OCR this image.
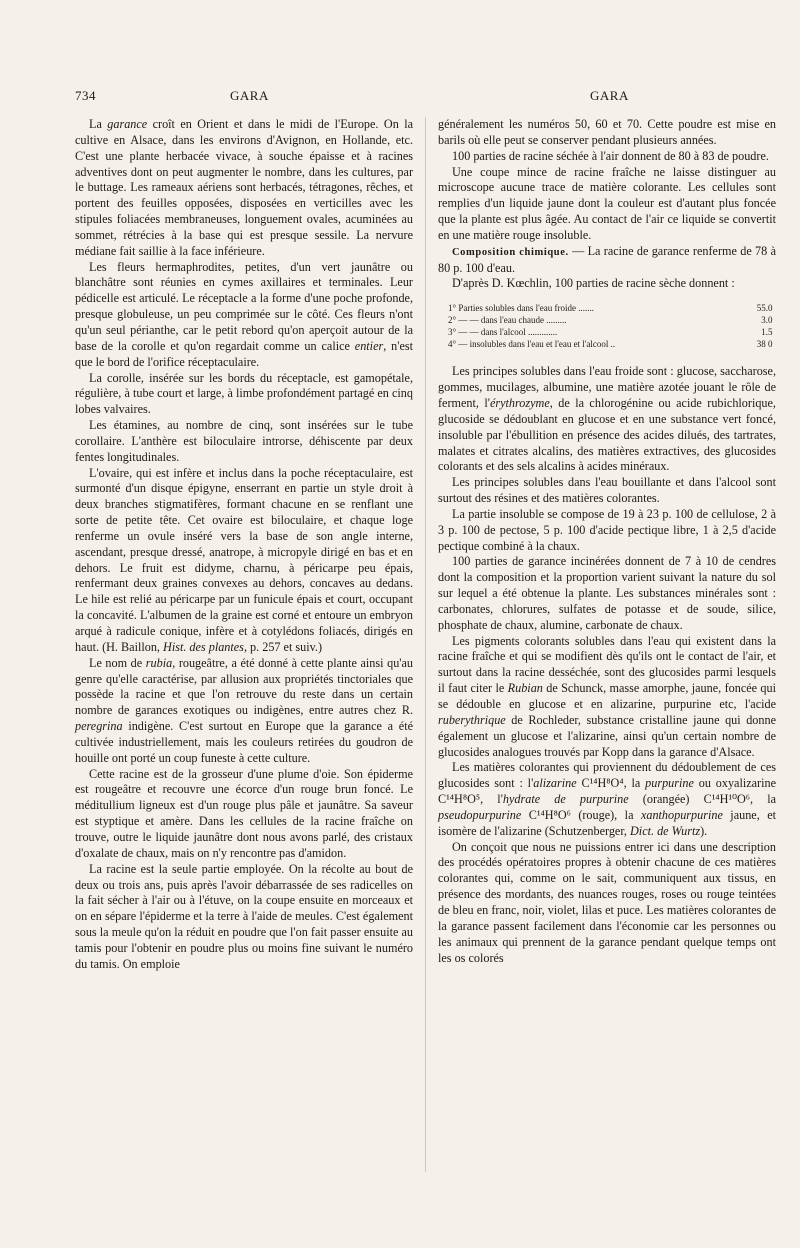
734	GARA	GARA

La garance croît en Orient et dans le midi de l'Europe. On la cultive en Alsace, dans les environs d'Avignon, en Hollande, etc. C'est une plante herbacée vivace, à souche épaisse et à racines adventives dont on peut augmenter le nombre, dans les cultures, par le buttage. Les rameaux aériens sont herbacés, tétragones, rêches, et portent des feuilles opposées, disposées en verticilles avec les stipules foliacées membraneuses, longuement ovales, acuminées au sommet, rétrécies à la base qui est presque sessile. La nervure médiane fait saillie à la face inférieure.

Les fleurs hermaphrodites, petites, d'un vert jaunâtre ou blanchâtre sont réunies en cymes axillaires et terminales. Leur pédicelle est articulé. Le réceptacle a la forme d'une poche profonde, presque globuleuse, un peu comprimée sur le côté. Ces fleurs n'ont qu'un seul périanthe, car le petit rebord qu'on aperçoit autour de la base de la corolle et qu'on regardait comme un calice entier, n'est que le bord de l'orifice réceptaculaire.

La corolle, insérée sur les bords du réceptacle, est gamopétale, régulière, à tube court et large, à limbe profondément partagé en cinq lobes valvaires.

Les étamines, au nombre de cinq, sont insérées sur le tube corollaire. L'anthère est biloculaire introrse, déhiscente par deux fentes longitudinales.

L'ovaire, qui est infère et inclus dans la poche réceptaculaire, est surmonté d'un disque épigyne, enserrant en partie un style droit à deux branches stigmatifères, formant chacune en se renflant une sorte de petite tête. Cet ovaire est biloculaire, et chaque loge renferme un ovule inséré vers la base de son angle interne, ascendant, presque dressé, anatrope, à micropyle dirigé en bas et en dehors. Le fruit est didyme, charnu, à péricarpe peu épais, renfermant deux graines convexes au dehors, concaves au dedans. Le hile est relié au péricarpe par un funicule épais et court, occupant la concavité. L'albumen de la graine est corné et entoure un embryon arqué à radicule conique, infère et à cotylédons foliacés, dirigés en haut. (H. Baillon, Hist. des plantes, p. 257 et suiv.)

Le nom de rubia, rougeâtre, a été donné à cette plante ainsi qu'au genre qu'elle caractérise, par allusion aux propriétés tinctoriales que possède la racine et que l'on retrouve du reste dans un certain nombre de garances exotiques ou indigènes, entre autres chez R. peregrina indigène. C'est surtout en Europe que la garance a été cultivée industriellement, mais les couleurs retirées du goudron de houille ont porté un coup funeste à cette culture.

Cette racine est de la grosseur d'une plume d'oie. Son épiderme est rougeâtre et recouvre une écorce d'un rouge brun foncé. Le méditullium ligneux est d'un rouge plus pâle et jaunâtre. Sa saveur est styptique et amère. Dans les cellules de la racine fraîche on trouve, outre le liquide jaunâtre dont nous avons parlé, des cristaux d'oxalate de chaux, mais on n'y rencontre pas d'amidon.

La racine est la seule partie employée. On la récolte au bout de deux ou trois ans, puis après l'avoir débarrassée de ses radicelles on la fait sécher à l'air ou à l'étuve, on la coupe ensuite en morceaux et on en sépare l'épiderme et la terre à l'aide de meules. C'est également sous la meule qu'on la réduit en poudre que l'on fait passer ensuite au tamis pour l'obtenir en poudre plus ou moins fine suivant le numéro du tamis. On emploie

généralement les numéros 50, 60 et 70. Cette poudre est mise en barils où elle peut se conserver pendant plusieurs années.

100 parties de racine séchée à l'air donnent de 80 à 83 de poudre.

Une coupe mince de racine fraîche ne laisse distinguer au microscope aucune trace de matière colorante. Les cellules sont remplies d'un liquide jaune dont la couleur est d'autant plus foncée que la plante est plus âgée. Au contact de l'air ce liquide se convertit en une matière rouge insoluble.

Composition chimique. — La racine de garance renferme de 78 à 80 p. 100 d'eau.

D'après D. Kœchlin, 100 parties de racine sèche donnent :

1° Parties solubles dans l'eau froide .......	55.0
2° — — dans l'eau chaude .........	3.0
3° — — dans l'alcool .............	1.5
4° — insolubles dans l'eau et l'eau et l'alcool ..	38 0

Les principes solubles dans l'eau froide sont : glucose, saccharose, gommes, mucilages, albumine, une matière azotée jouant le rôle de ferment, l'érythrozyme, de la chlorogénine ou acide rubichlorique, glucoside se dédoublant en glucose et en une substance vert foncé, insoluble par l'ébullition en présence des acides dilués, des tartrates, malates et citrates alcalins, des matières extractives, des glucosides colorants et des sels alcalins à acides minéraux.

Les principes solubles dans l'eau bouillante et dans l'alcool sont surtout des résines et des matières colorantes.

La partie insoluble se compose de 19 à 23 p. 100 de cellulose, 2 à 3 p. 100 de pectose, 5 p. 100 d'acide pectique libre, 1 à 2,5 d'acide pectique combiné à la chaux.

100 parties de garance incinérées donnent de 7 à 10 de cendres dont la composition et la proportion varient suivant la nature du sol sur lequel a été obtenue la plante. Les substances minérales sont : carbonates, chlorures, sulfates de potasse et de soude, silice, phosphate de chaux, alumine, carbonate de chaux.

Les pigments colorants solubles dans l'eau qui existent dans la racine fraîche et qui se modifient dès qu'ils ont le contact de l'air, et surtout dans la racine desséchée, sont des glucosides parmi lesquels il faut citer le Rubian de Schunck, masse amorphe, jaune, foncée qui se dédouble en glucose et en alizarine, purpurine etc, l'acide ruberythrique de Rochleder, substance cristalline jaune qui donne également un glucose et l'alizarine, ainsi qu'un certain nombre de glucosides analogues trouvés par Kopp dans la garance d'Alsace.

Les matières colorantes qui proviennent du dédoublement de ces glucosides sont : l'alizarine C¹⁴H⁸O⁴, la purpurine ou oxyalizarine C¹⁴H⁸O⁵, l'hydrate de purpurine (orangée) C¹⁴H¹⁰O⁶, la pseudopurpurine C¹⁴H⁸O⁶ (rouge), la xanthopurpurine jaune, et isomère de l'alizarine (Schutzenberger, Dict. de Wurtz).

On conçoit que nous ne puissions entrer ici dans une description des procédés opératoires propres à obtenir chacune de ces matières colorantes qui, comme on le sait, communiquent aux tissus, en présence des mordants, des nuances rouges, roses ou rouge teintées de bleu en franc, noir, violet, lilas et puce. Les matières colorantes de la garance passent facilement dans l'économie car les personnes ou les animaux qui prennent de la garance pendant quelque temps ont les os colorés
